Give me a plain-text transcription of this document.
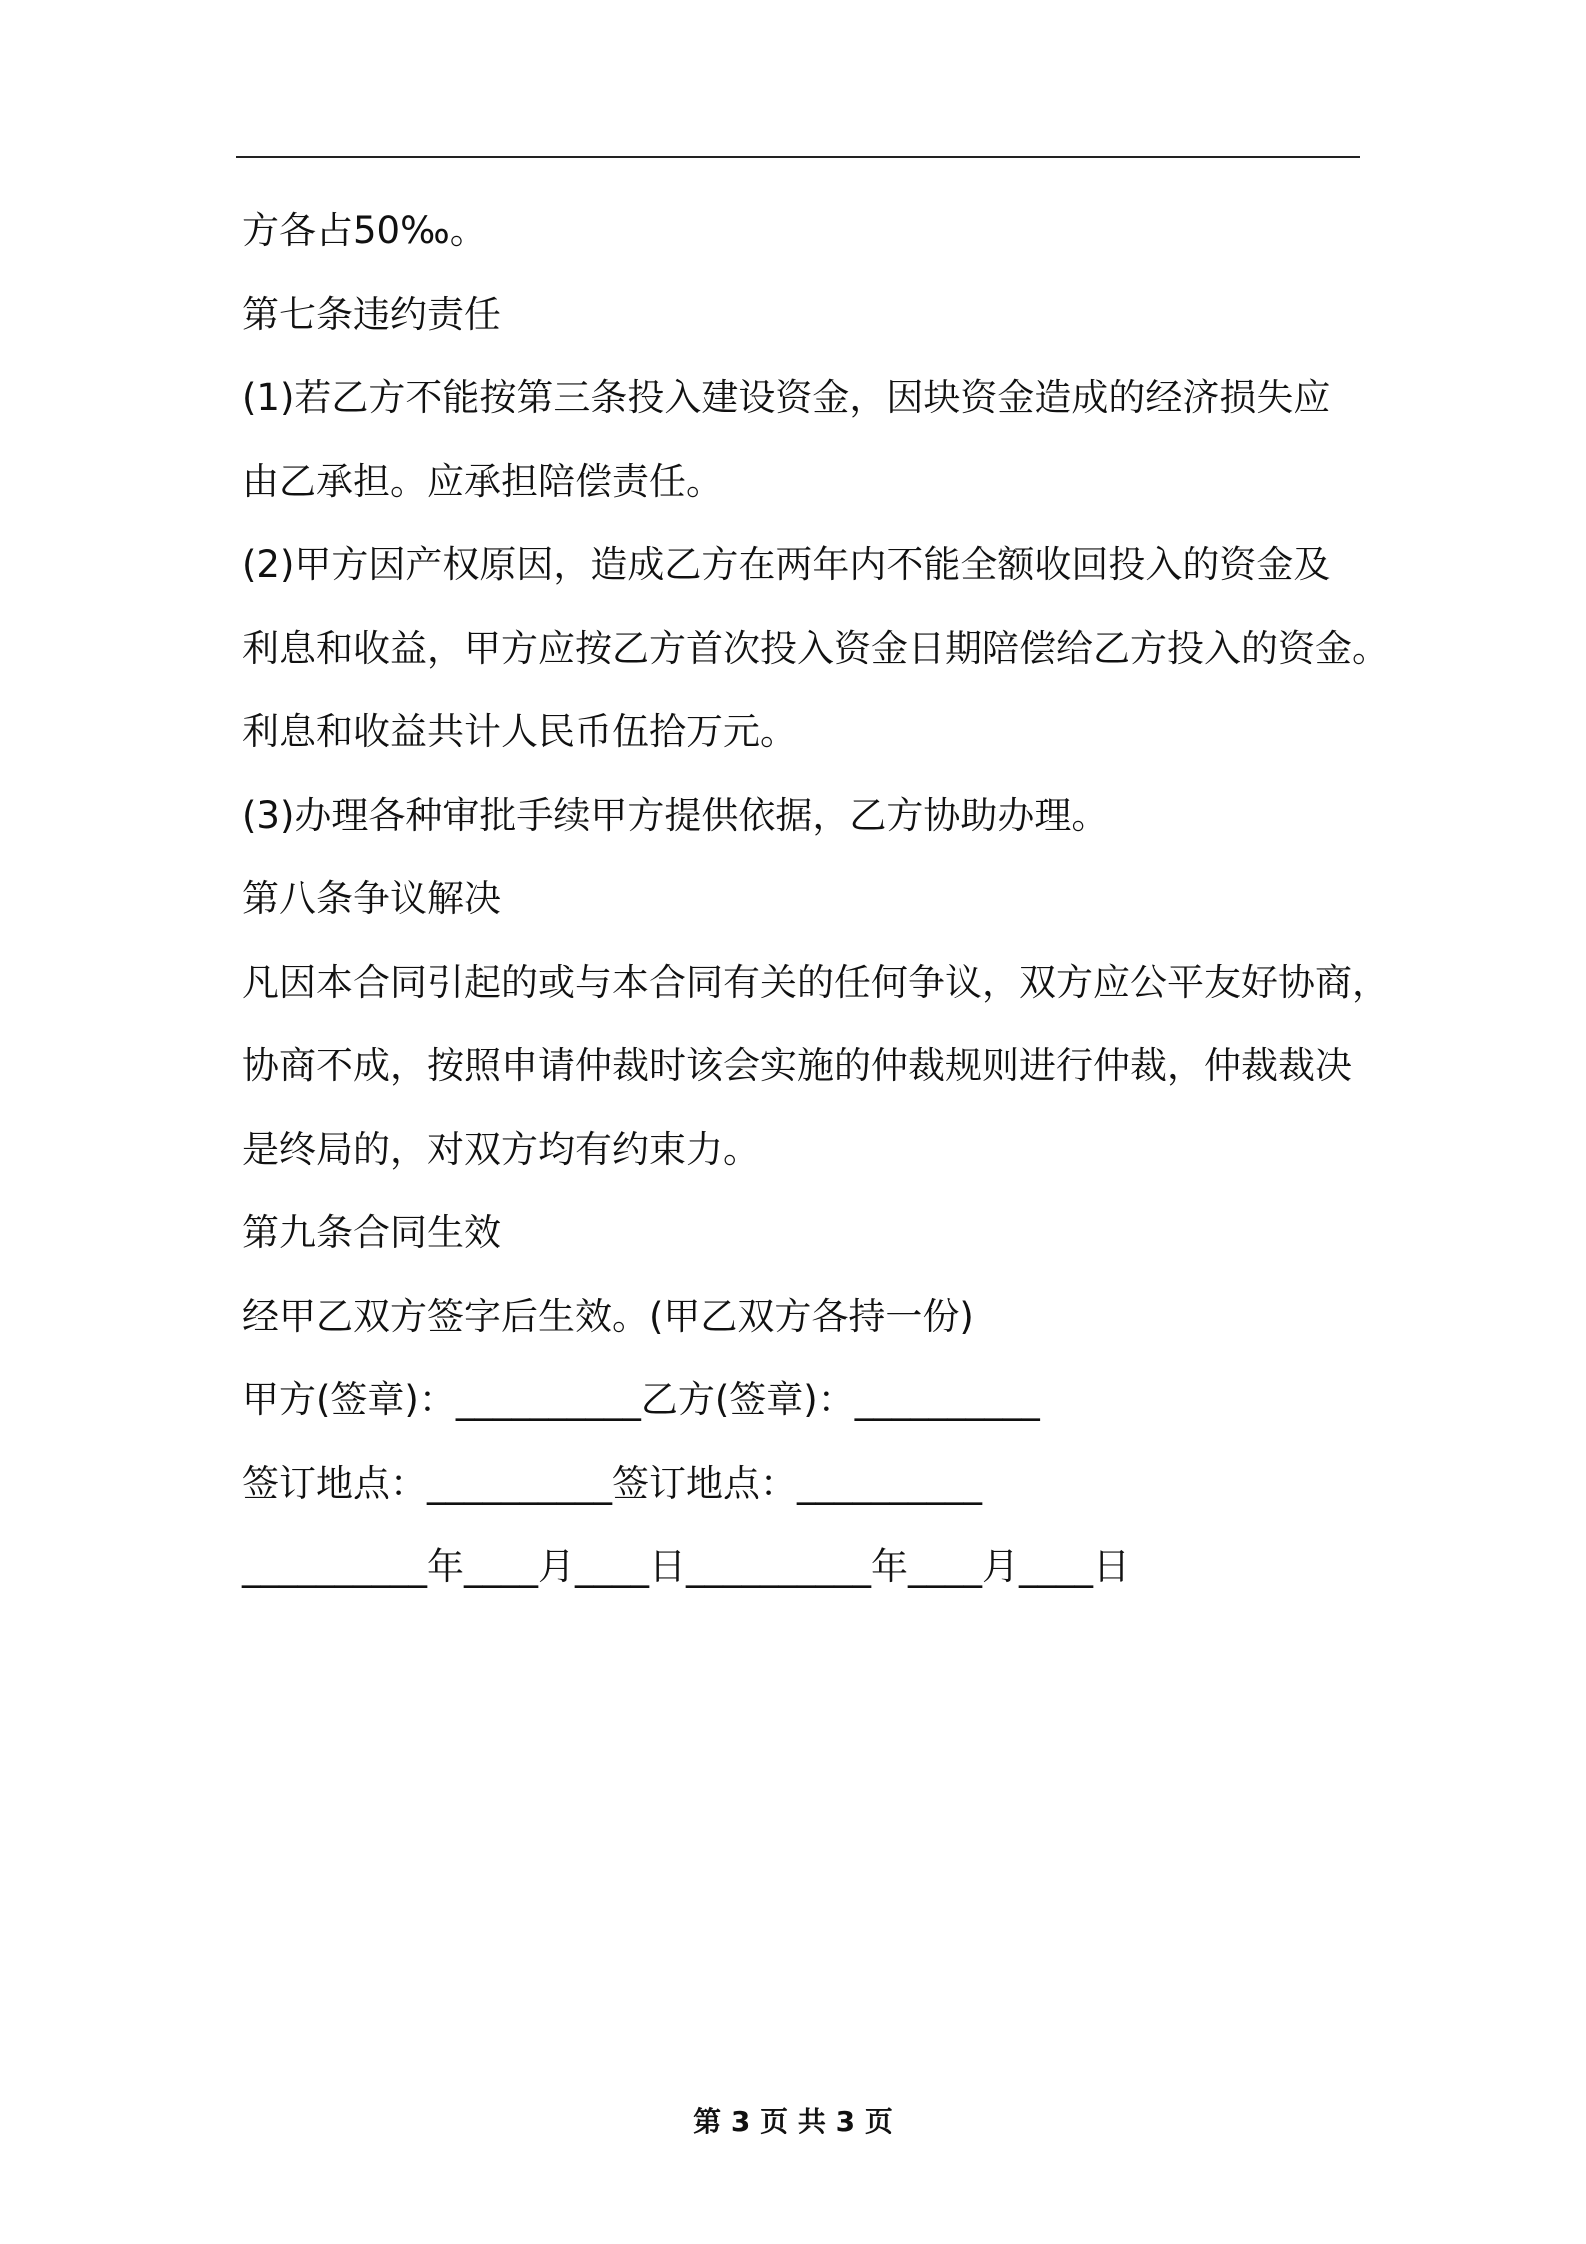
方各占50‰。
第七条违约责任
(1)若乙方不能按第三条投入建设资金，因块资金造成的经济损失应
由乙承担。应承担陪偿责任。
(2)甲方因产权原因，造成乙方在两年内不能全额收回投入的资金及
利息和收益，甲方应按乙方首次投入资金日期陪偿给乙方投入的资金。
利息和收益共计人民币伍拾万元。
(3)办理各种审批手续甲方提供依据，乙方协助办理。
第八条争议解决
凡因本合同引起的或与本合同有关的任何争议，双方应公平友好协商，
协商不成，按照申请仲裁时该会实施的仲裁规则进行仲裁，仲裁裁决
是终局的，对双方均有约束力。
第九条合同生效
经甲乙双方签字后生效。(甲乙双方各持一份)
甲方(签章)：__________乙方(签章)：__________
签订地点：__________签订地点：__________
__________年____月____日__________年____月____日
第 3 页 共 3 页
